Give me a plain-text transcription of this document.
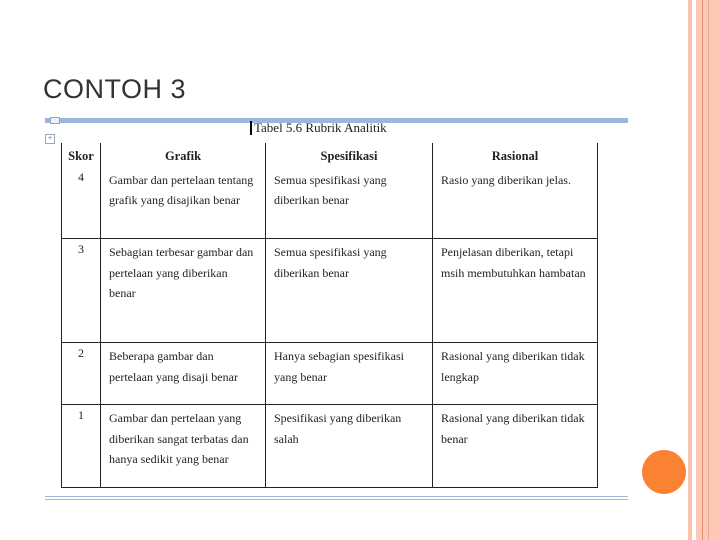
CONTOH 3
Tabel 5.6 Rubrik Analitik
+
Skor	Grafik	Spesifikasi	Rasional
4	Gambar dan pertelaan tentang grafik yang disajikan benar	Semua spesifikasi yang diberikan benar	Rasio yang diberikan jelas.
3	Sebagian terbesar gambar dan pertelaan yang diberikan benar	Semua spesifikasi yang diberikan benar	Penjelasan diberikan, tetapi msih membutuhkan hambatan
2	Beberapa gambar dan pertelaan yang disaji benar	Hanya sebagian spesifikasi yang benar	Rasional yang diberikan tidak lengkap
1	Gambar dan pertelaan yang diberikan sangat terbatas dan hanya sedikit yang benar	Spesifikasi yang diberikan salah	Rasional yang diberikan tidak benar
